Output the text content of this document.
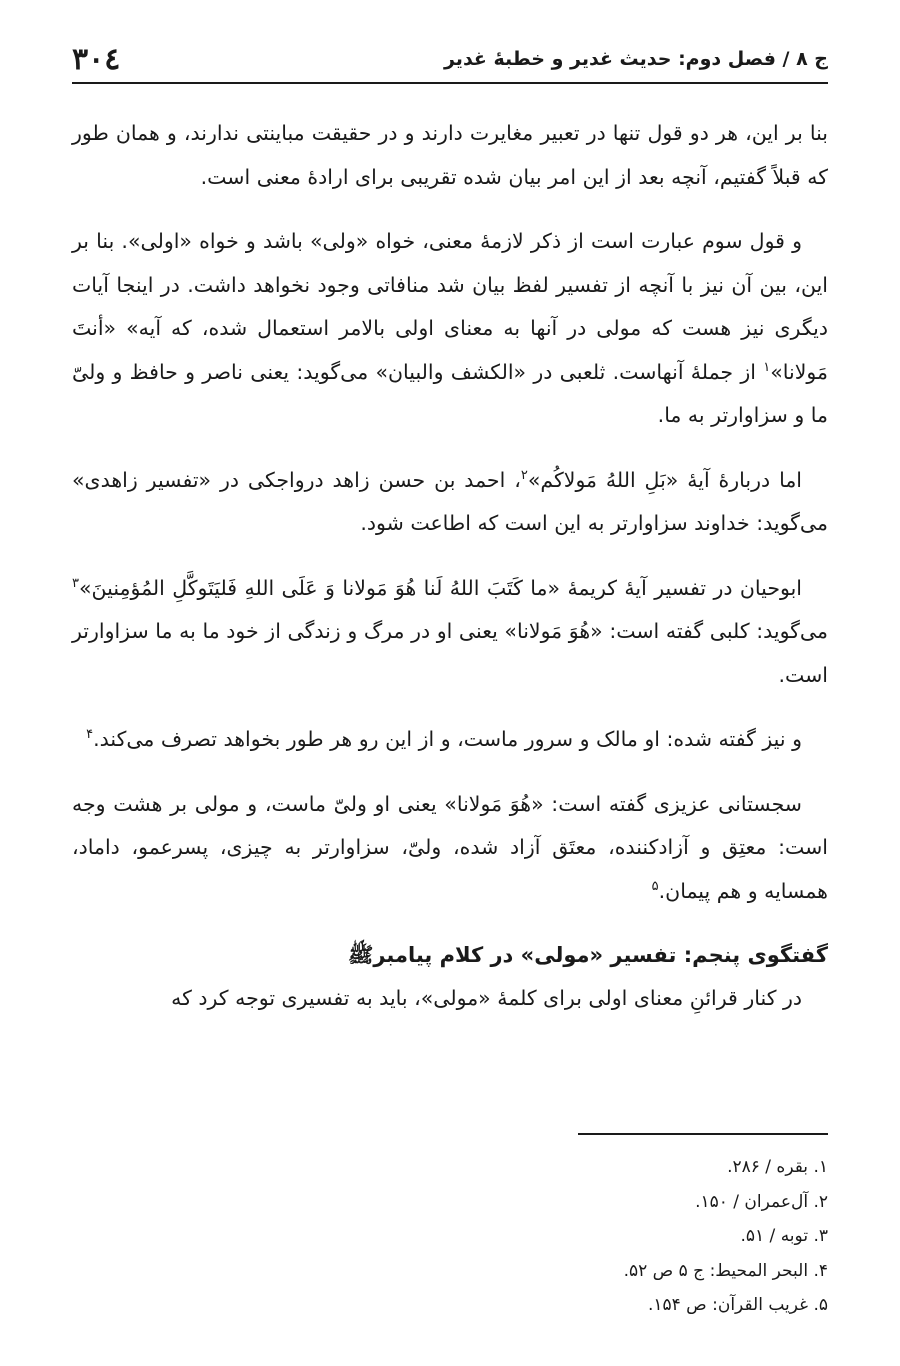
ج ۸ / فصل دوم: حدیث غدیر و خطبهٔ غدیر
۳۰٤

بنا بر این، هر دو قول تنها در تعبیر مغایرت دارند و در حقیقت مباینتی ندارند، و همان طور که قبلاً گفتیم، آنچه بعد از این امر بیان شده تقریبی برای ارادهٔ معنی است.

و قول سوم عبارت است از ذکر لازمهٔ معنی، خواه «ولی» باشد و خواه «اولی». بنا بر این، بین آن نیز با آنچه از تفسیر لفظ بیان شد منافاتی وجود نخواهد داشت. در اینجا آیات دیگری نیز هست که مولی در آنها به معنای اولی بالامر استعمال شده، که آیه» «أنتَ مَولانا»$^۱$ از جملهٔ آنهاست. ثلعبی در «الکشف والبیان» می‌گوید: یعنی ناصر و حافظ و ولیّ ما و سزاوارتر به ما.

اما دربارهٔ آیهٔ «بَلِ اللهُ مَولاکُم»$^۲$، احمد بن حسن زاهد درواجکی در «تفسیر زاهدی» می‌گوید: خداوند سزاوارتر به این است که اطاعت شود.

ابوحیان در تفسیر آیهٔ کریمهٔ «ما کَتَبَ اللهُ لَنا هُوَ مَولانا وَ عَلَى اللهِ فَلیَتَوکَّلِ المُؤمِنینَ»$^۳$ می‌گوید: کلبی گفته است: «هُوَ مَولانا» یعنی او در مرگ و زندگی از خود ما به ما سزاوارتر است.

و نیز گفته شده: او مالک و سرور ماست، و از این رو هر طور بخواهد تصرف می‌کند.$^۴$

سجستانی عزیزی گفته است: «هُوَ مَولانا» یعنی او ولیّ ماست، و مولی بر هشت وجه است: معتِق و آزادکننده، معتَق آزاد شده، ولیّ، سزاوارتر به چیزی، پسرعمو، داماد، همسایه و هم پیمان.$^۵$

گفتگوی پنجم: تفسیر «مولی» در کلام پیامبرﷺ

در کنار قرائنِ معنای اولی برای کلمهٔ «مولی»، باید به تفسیری توجه کرد که

۱. بقره / ۲۸۶.
۲. آل‌عمران / ۱۵۰.
۳. توبه / ۵۱.
۴. البحر المحیط: ج ۵ ص ۵۲.
۵. غریب القرآن: ص ۱۵۴.
